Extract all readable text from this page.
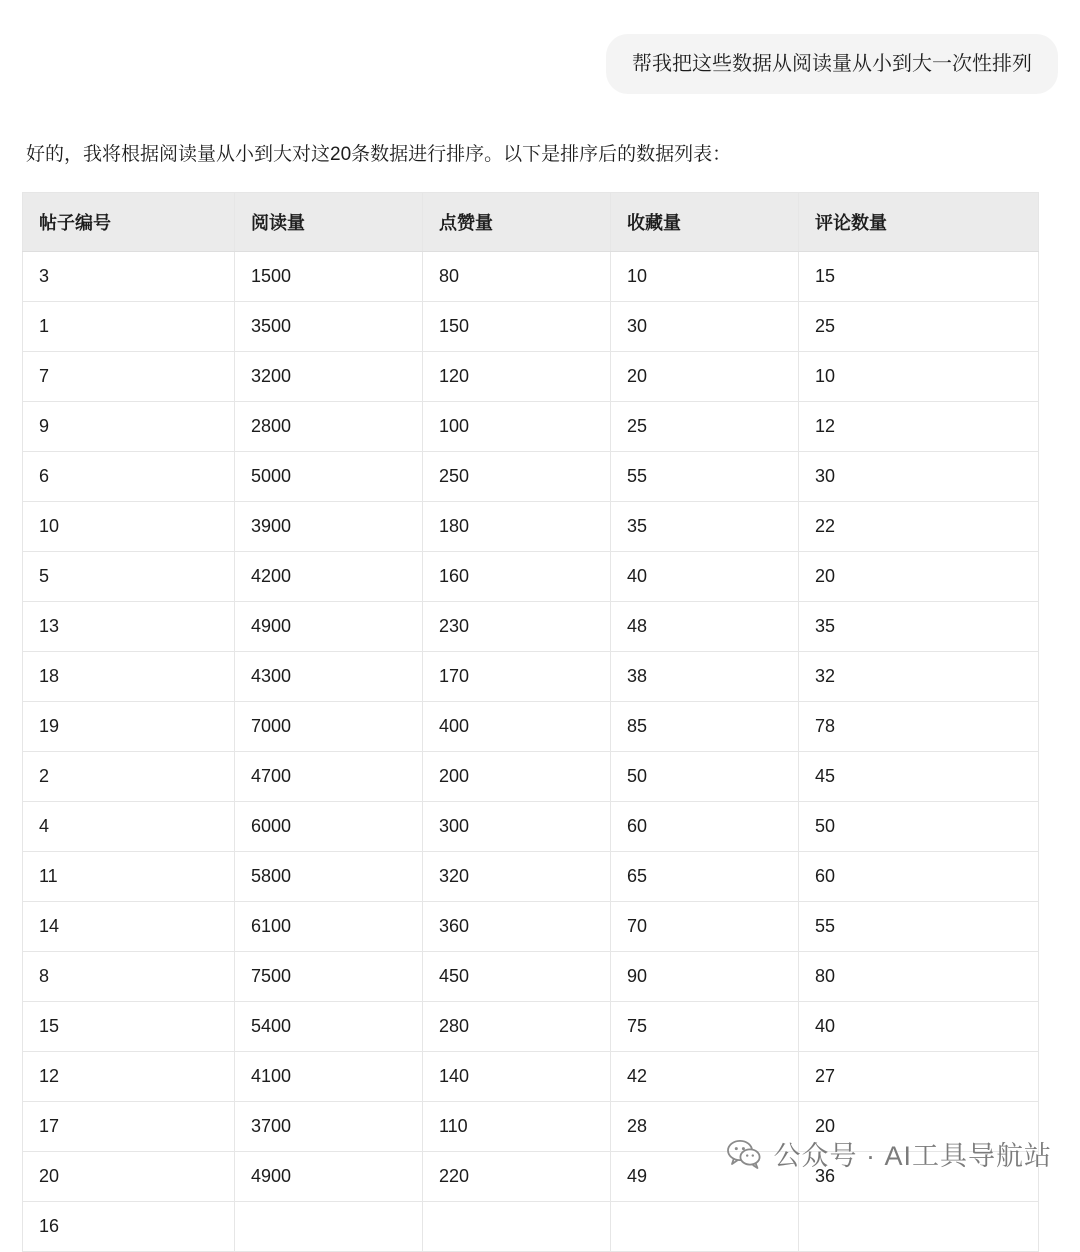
帮我把这些数据从阅读量从小到大一次性排列
好的，我将根据阅读量从小到大对这20条数据进行排序。以下是排序后的数据列表：
帖子编号	阅读量	点赞量	收藏量	评论数量
3	1500	80	10	15
1	3500	150	30	25
7	3200	120	20	10
9	2800	100	25	12
6	5000	250	55	30
10	3900	180	35	22
5	4200	160	40	20
13	4900	230	48	35
18	4300	170	38	32
19	7000	400	85	78
2	4700	200	50	45
4	6000	300	60	50
11	5800	320	65	60
14	6100	360	70	55
8	7500	450	90	80
15	5400	280	75	40
12	4100	140	42	27
17	3700	110	28	20
20	4900	220	49	36
16				
公众号 · AI工具导航站
